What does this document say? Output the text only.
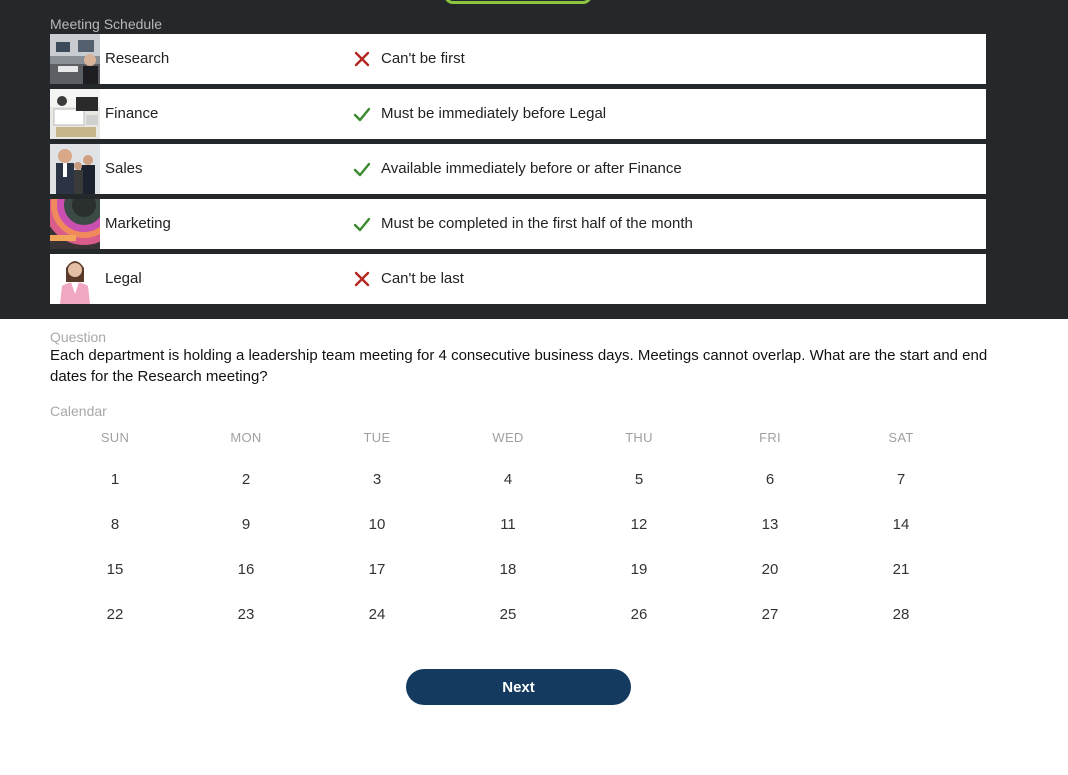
Meeting Schedule
Research	Can't be first
Finance	Must be immediately before Legal
Sales	Available immediately before or after Finance
Marketing	Must be completed in the first half of the month
Legal	Can't be last
Question
Each department is holding a leadership team meeting for 4 consecutive business days. Meetings cannot overlap. What are the start and end dates for the Research meeting?
Calendar
SUN	MON	TUE	WED	THU	FRI	SAT
1	2	3	4	5	6	7
8	9	10	11	12	13	14
15	16	17	18	19	20	21
22	23	24	25	26	27	28
Next
